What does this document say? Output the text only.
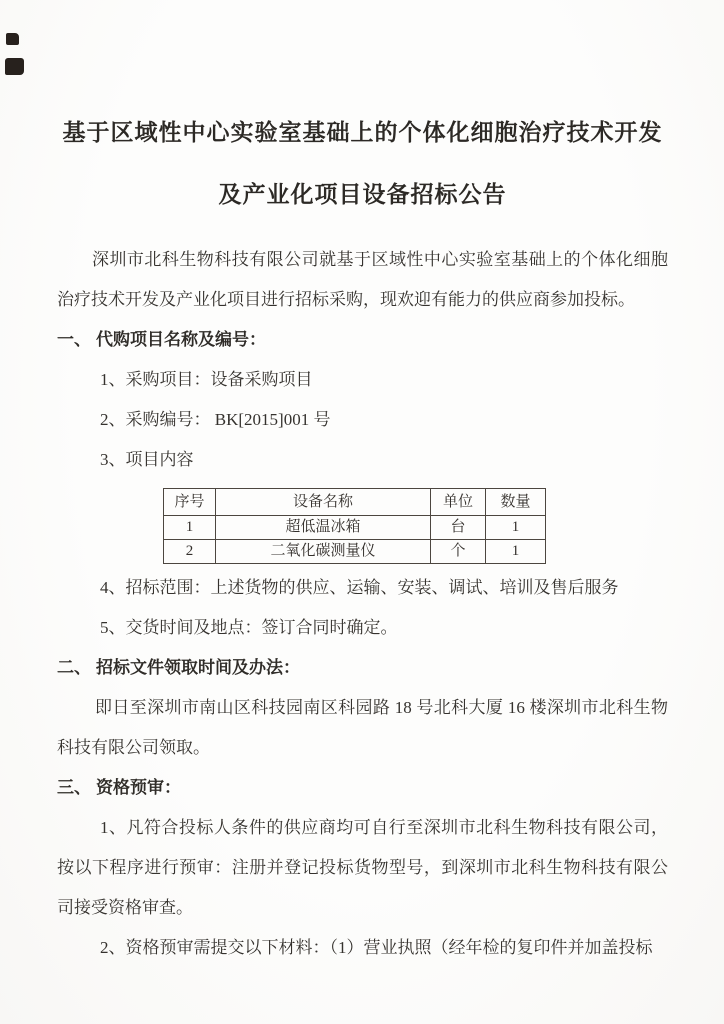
基于区域性中心实验室基础上的个体化细胞治疗技术开发
及产业化项目设备招标公告

深圳市北科生物科技有限公司就基于区域性中心实验室基础上的个体化细胞治疗技术开发及产业化项目进行招标采购，现欢迎有能力的供应商参加投标。

一、 代购项目名称及编号：

1、采购项目：设备采购项目

2、采购编号： BK[2015]001 号

3、项目内容

序号	设备名称	单位	数量
1	超低温冰箱	台	1
2	二氧化碳测量仪	个	1

4、招标范围：上述货物的供应、运输、安装、调试、培训及售后服务

5、交货时间及地点：签订合同时确定。

二、 招标文件领取时间及办法：

即日至深圳市南山区科技园南区科园路 18 号北科大厦 16 楼深圳市北科生物科技有限公司领取。

三、 资格预审：

1、凡符合投标人条件的供应商均可自行至深圳市北科生物科技有限公司，按以下程序进行预审：注册并登记投标货物型号，到深圳市北科生物科技有限公司接受资格审查。

2、资格预审需提交以下材料：（1）营业执照（经年检的复印件并加盖投标
